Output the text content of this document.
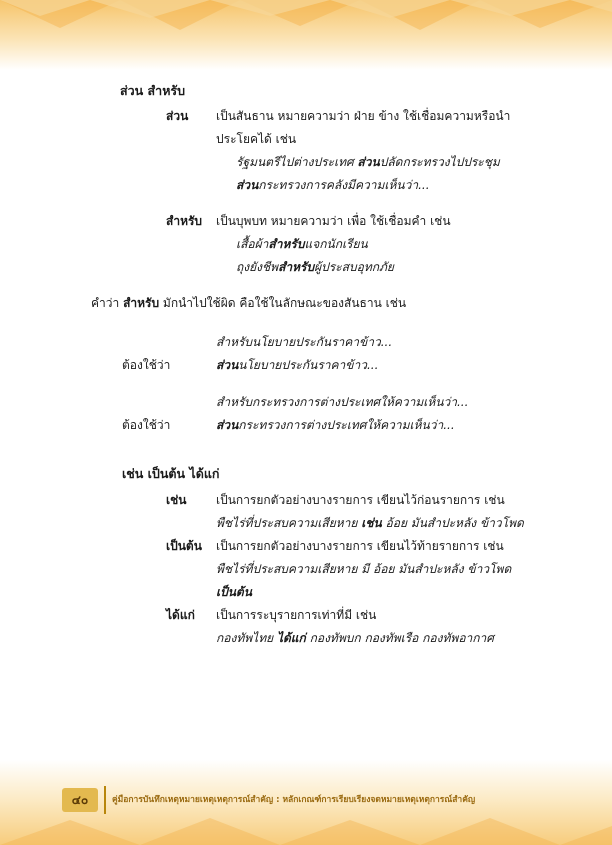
ส่วน สำหรับ
ส่วน เป็นสันธาน หมายความว่า ฝ่าย ข้าง ใช้เชื่อมความหรือนำ
ประโยคได้ เช่น
รัฐมนตรีไปต่างประเทศ ส่วนปลัดกระทรวงไปประชุม
ส่วนกระทรวงการคลังมีความเห็นว่า...
สำหรับ เป็นบุพบท หมายความว่า เพื่อ ใช้เชื่อมคำ เช่น
เสื้อผ้าสำหรับแจกนักเรียน
ถุงยังชีพสำหรับผู้ประสบอุทกภัย
คำว่า สำหรับ มักนำไปใช้ผิด คือใช้ในลักษณะของสันธาน เช่น
สำหรับนโยบายประกันราคาข้าว...
ต้องใช้ว่า	ส่วนนโยบายประกันราคาข้าว...
สำหรับกระทรวงการต่างประเทศให้ความเห็นว่า...
ต้องใช้ว่า	ส่วนกระทรวงการต่างประเทศให้ความเห็นว่า...
เช่น เป็นต้น ได้แก่
เช่น เป็นการยกตัวอย่างบางรายการ เขียนไว้ก่อนรายการ เช่น
พืชไร่ที่ประสบความเสียหาย เช่น อ้อย มันสำปะหลัง ข้าวโพด
เป็นต้น เป็นการยกตัวอย่างบางรายการ เขียนไว้ท้ายรายการ เช่น
พืชไร่ที่ประสบความเสียหาย มี อ้อย มันสำปะหลัง ข้าวโพด
เป็นต้น
ได้แก่ เป็นการระบุรายการเท่าที่มี เช่น
กองทัพไทย ได้แก่ กองทัพบก กองทัพเรือ กองทัพอากาศ
๔๐	คู่มือการบันทึกเหตุหมายเหตุเหตุการณ์สำคัญ : หลักเกณฑ์การเรียบเรียงจดหมายเหตุเหตุการณ์สำคัญ
